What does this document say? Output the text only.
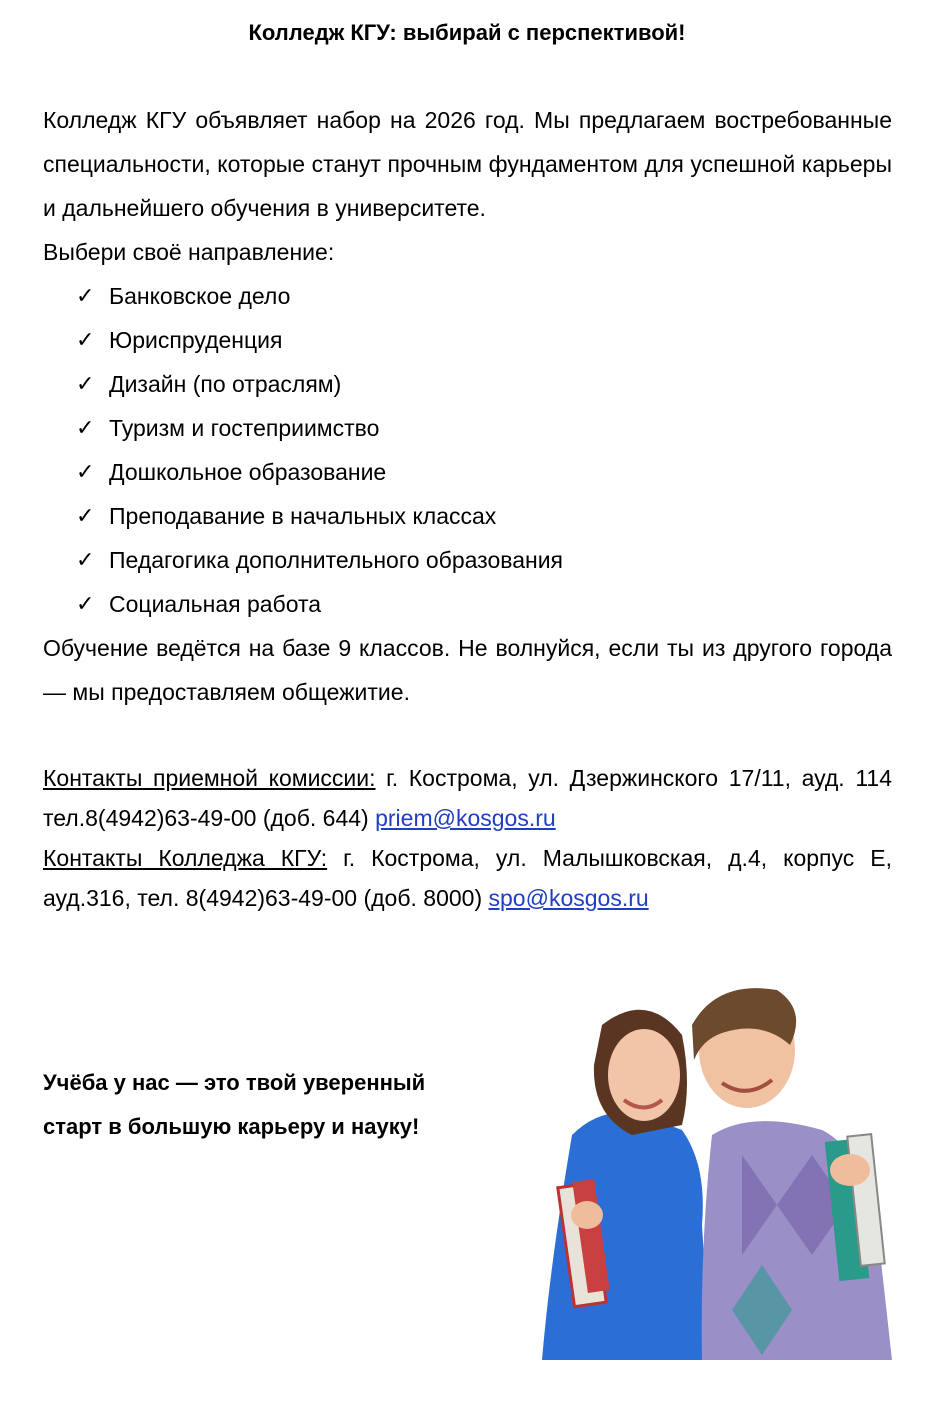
Колледж КГУ: выбирай с перспективой!

Колледж КГУ объявляет набор на 2026 год. Мы предлагаем востребованные специальности, которые станут прочным фундаментом для успешной карьеры и дальнейшего обучения в университете.

Выбери своё направление:

✓ Банковское дело
✓ Юриспруденция
✓ Дизайн (по отраслям)
✓ Туризм и гостеприимство
✓ Дошкольное образование
✓ Преподавание в начальных классах
✓ Педагогика дополнительного образования
✓ Социальная работа

Обучение ведётся на базе 9 классов. Не волнуйся, если ты из другого города — мы предоставляем общежитие.

Контакты приемной комиссии: г. Кострома, ул. Дзержинского 17/11, ауд. 114 тел.8(4942)63-49-00 (доб. 644) priem@kosgos.ru

Контакты Колледжа КГУ: г. Кострома, ул. Малышковская, д.4, корпус Е, ауд.316, тел. 8(4942)63-49-00 (доб. 8000) spo@kosgos.ru

Учёба у нас — это твой уверенный
старт в большую карьеру и науку!
